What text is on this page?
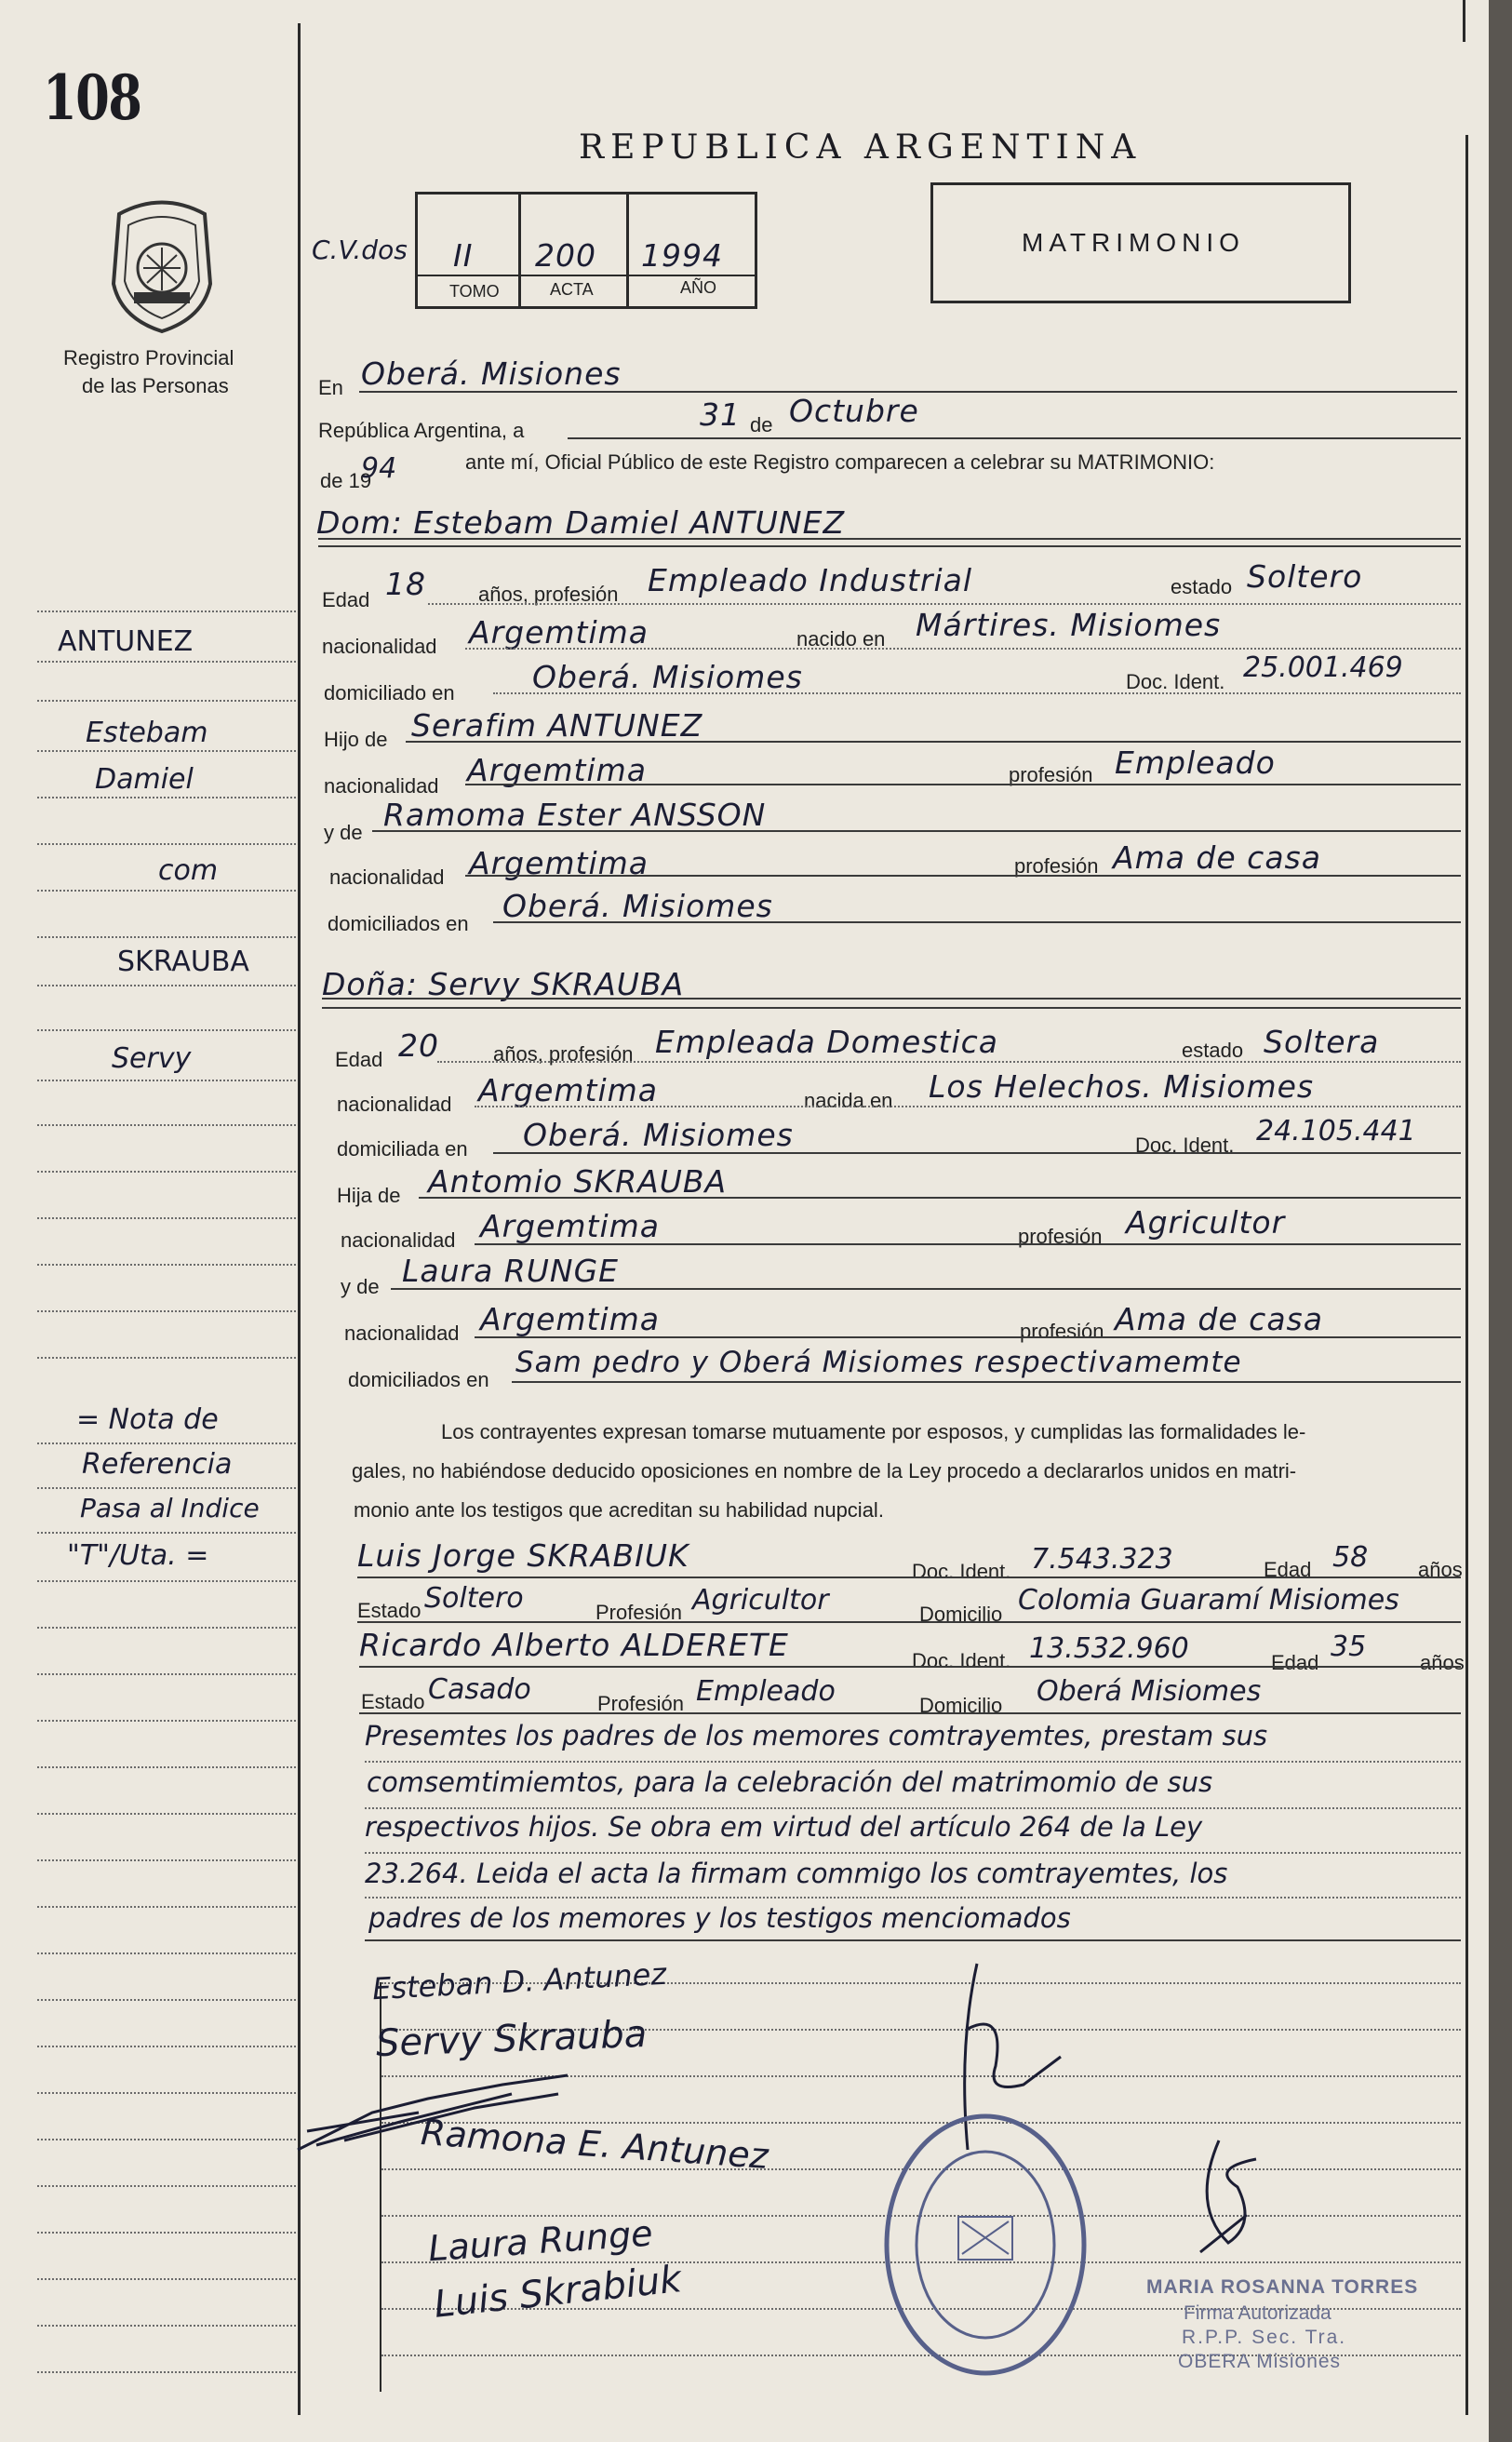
108
REPUBLICA ARGENTINA
Registro Provincial
de las Personas
C.V.dos II 200 1994
TOMO	ACTA	AÑO
MATRIMONIO
En Oberá. Misiones
República Argentina, a	31 de Octubre
de 19
94	ante mí, Oficial Público de este Registro comparecen a celebrar su MATRIMONIO:
Dom: Estebam Damiel ANTUNEZ
Edad 18	años, profesión Empleado Industrial	estado Soltero
nacionalidad Argemtima	nacido en Mártires. Misiomes
domiciliado en	Oberá. Misiomes	Doc. Ident. 25.001.469
Hijo de Serafim ANTUNEZ
nacionalidad Argemtima	profesión Empleado
y de Ramoma Ester ANSSON
nacionalidad Argemtima	profesión Ama de casa
domiciliados en Oberá. Misiomes
Doña: Servy SKRAUBA
Edad 20	años, profesión Empleada Domestica	estado Soltera
nacionalidad Argemtima	nacida en Los Helechos. Misiomes
domiciliada en Oberá. Misiomes	Doc. Ident. 24.105.441
Hija de Antomio SKRAUBA
nacionalidad Argemtima	profesión Agricultor
y de Laura RUNGE
nacionalidad Argemtima	profesión Ama de casa
domiciliados en
Sam pedro y Oberá Misiomes respectivamemte
Los contrayentes expresan tomarse mutuamente por esposos, y cumplidas las formalidades le-
gales, no habiéndose deducido oposiciones en nombre de la Ley procedo a declararlos unidos en matri-
monio ante los testigos que acreditan su habilidad nupcial.
Luis Jorge SKRABIUK	Doc. Ident. 7.543.323	Edad 58 años
Estado Soltero	Profesión Agricultor	Domicilio Colomia Guaramí Misiomes
Ricardo Alberto ALDERETE	Doc. Ident. 13.532.960	Edad 35	años
Estado Casado	Profesión Empleado	Domicilio Oberá Misiomes
Presemtes los padres de los memores comtrayemtes, prestam sus
comsemtimiemtos, para la celebración del matrimomio de sus
respectivos hijos. Se obra em virtud del artículo 264 de la Ley
23.264. Leida el acta la firmam commigo los comtrayemtes, los
padres de los memores y los testigos menciomados
Esteban D. Antunez
Servy Skrauba
Ramona E. Antunez
Laura Runge
Luis Skrabiuk	MARIA ROSANNA TORRES
Firma Autorizada
R.P.P. Sec. Tra.
OBERA Misiones
ANTUNEZ
Estebam
Damiel
com
SKRAUBA
Servy
= Nota de
Referencia
Pasa al Indice
"T"/Uta. =
